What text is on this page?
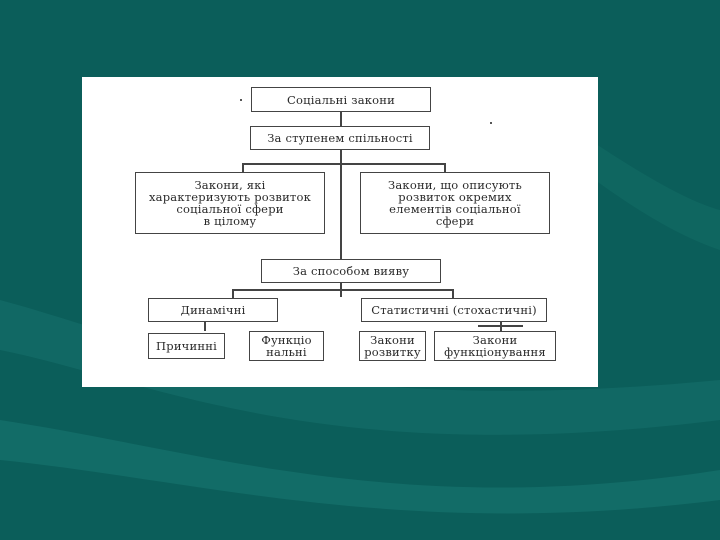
Соціальні закони
За ступенем спільності
Закони, які
характеризують розвиток
соціальної сфери
в цілому
Закони, що описують
розвиток окремих
елементів соціальної
сфери
За способом вияву
Динамічні	Статистичні (стохастичні)
Причинні	Функціо
нальні
Закони
розвитку
Закони
функціонування
